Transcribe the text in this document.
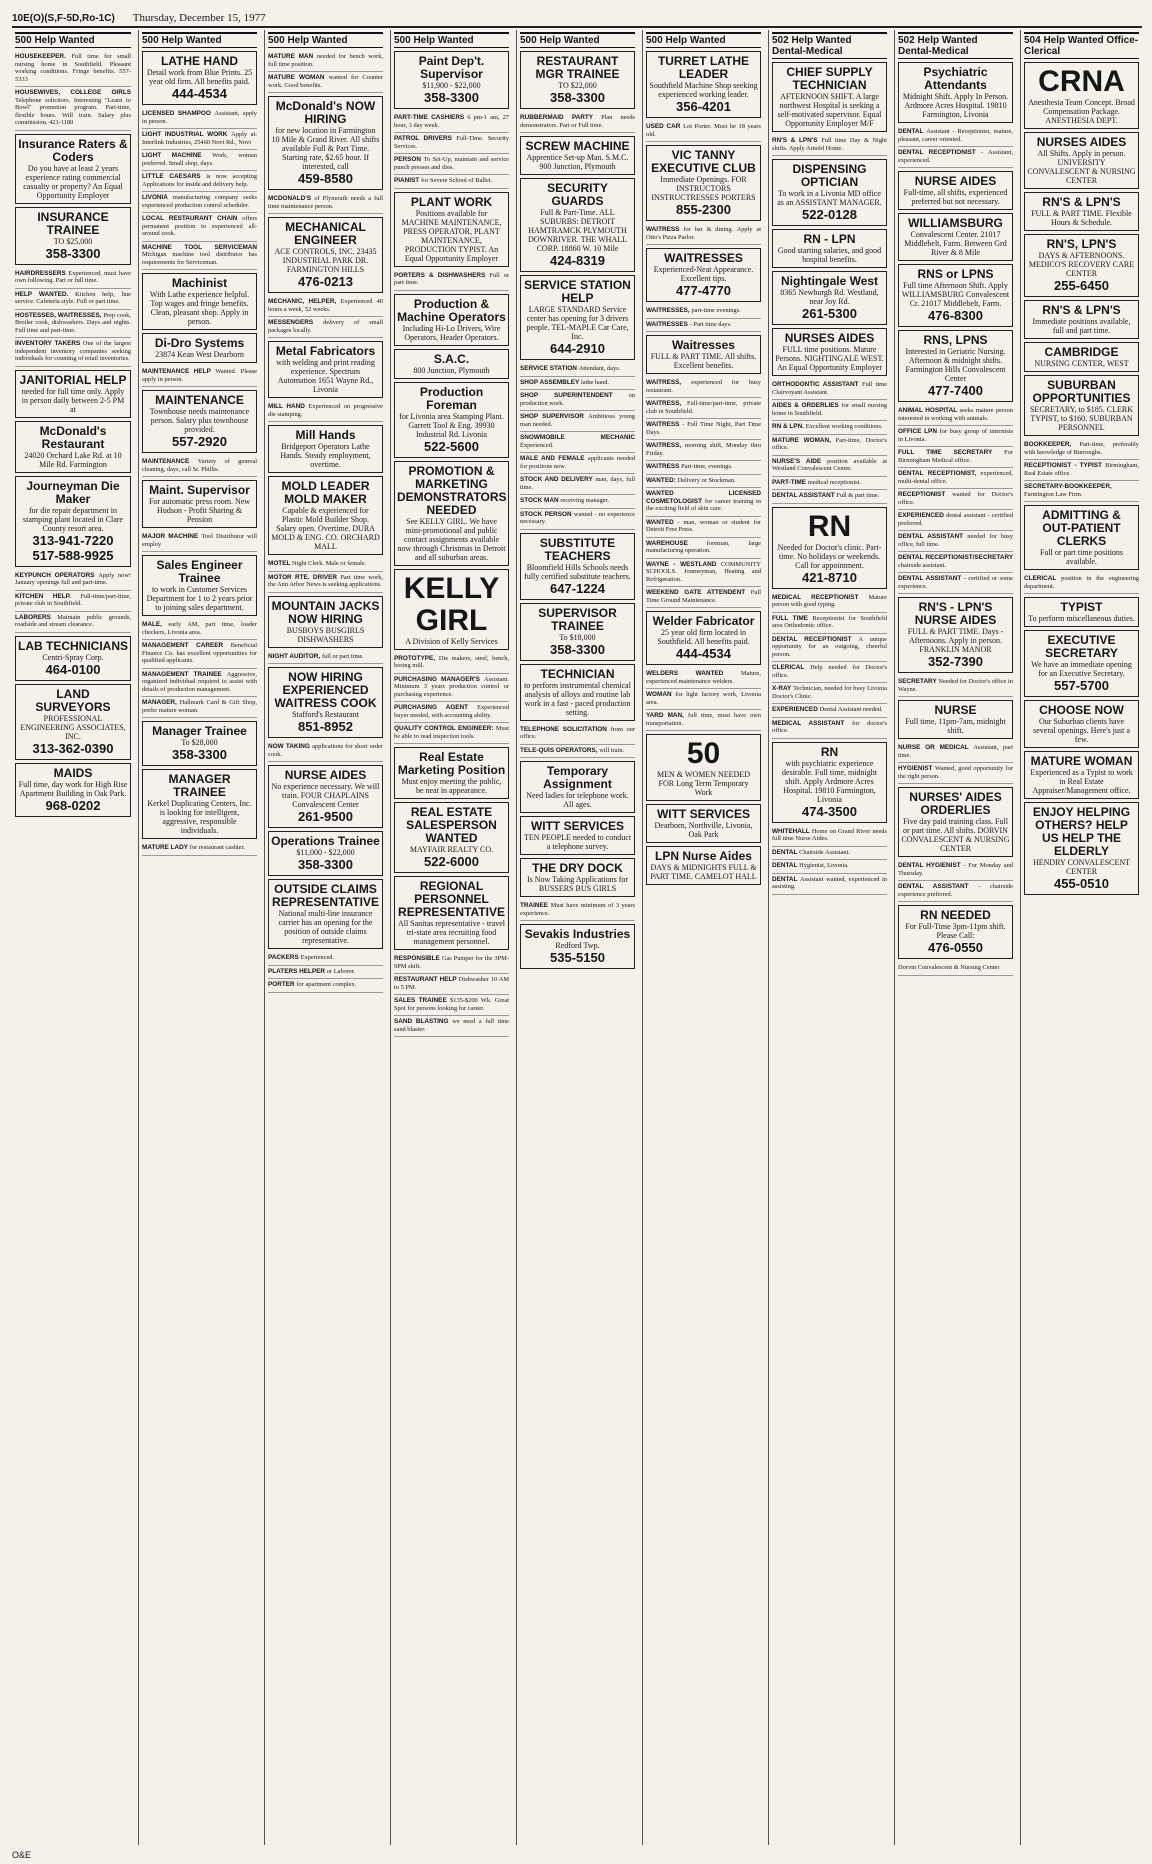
10E(O)(S,F-5D,Ro-1C) Thursday, December 15, 1977
500 Help Wanted
HOUSEKEEPER. Full time for small nursing home in Southfield. Pleasant working conditions. Fringe benefits. 557-5333
HOUSEWIVES, COLLEGE GIRLS Telephone solicitors. Interesting "Learn to Bowl" promotion program. Part-time, flexible hours. Will train. Salary plus commission. 421-1180
Insurance Raters & Coders
Do you have at least 2 years experience rating commercial casualty or property? An Equal Opportunity Employer
INSURANCE TRAINEE
TO $25,000
358-3300
HAIRDRESSERS Experienced, must have own following. Part or full time.
HELP WANTED. Kitchen help, line service. Cafeteria style. Full or part time.
HOSTESSES, WAITRESSES, Prep cook, Broiler cook, dishwashers. Days and nights. Full time and part-time.
INVENTORY TAKERS One of the largest independent inventory companies seeking individuals for counting of retail inventories.
JANITORIAL HELP
needed for full time only. Apply in person daily between 2-5 PM at
McDonald's Restaurant
24020 Orchard Lake Rd. at 10 Mile Rd. Farmington
Journeyman Die Maker
for die repair department in stamping plant located in Clare County resort area.
313-941-7220 517-588-9925
KEYPUNCH OPERATORS Apply now! January openings full and part-time.
KITCHEN HELP. Full-time/part-time, private club in Southfield.
LABORERS Maintain public grounds, roadside and stream clearance.
LAB TECHNICIANS
Centri-Spray Corp.
464-0100
LAND SURVEYORS
PROFESSIONAL ENGINEERING ASSOCIATES, INC.
313-362-0390
MAIDS
Full time, day work for High Rise Apartment Building in Oak Park.
968-0202
500 Help Wanted
LATHE HAND
Detail work from Blue Prints. 25 year old firm. All benefits paid.
444-4534
LICENSED SHAMPOO Assistant, apply in person.
LIGHT INDUSTRIAL WORK Apply at: Interlink Industries, 25460 Novi Rd., Novi
LIGHT MACHINE Work, woman preferred. Small shop, days.
LITTLE CAESARS is now accepting Applications for inside and delivery help.
LIVONIA manufacturing company seeks experienced production control scheduler.
LOCAL RESTAURANT CHAIN offers permanent position to experienced all-around cook.
MACHINE TOOL SERVICEMAN Michigan machine tool distributor has requirements for Serviceman.
Machinist
With Lathe experience helpful. Top wages and fringe benefits. Clean, pleasant shop. Apply in person.
Di-Dro Systems
23874 Kean West Dearborn
MAINTENANCE HELP Wanted. Please apply in person.
MAINTENANCE
Townhouse needs maintenance person. Salary plus townhouse provided.
557-2920
MAINTENANCE Variety of general cleaning, days, call Sr. Phillis.
Maint. Supervisor
For automatic press room. New Hudson - Profit Sharing & Pension
MAJOR MACHINE Tool Distributor will employ
Sales Engineer Trainee
to work in Customer Services Department for 1 to 2 years prior to joining sales department.
MALE, early AM, part time, loader checkers, Livonia area.
MANAGEMENT CAREER Beneficial Finance Co. has excellent opportunities for qualified applicants.
MANAGEMENT TRAINEE Aggressive, organized individual required to assist with details of production management.
MANAGER, Hallmark Card & Gift Shop, prefer mature woman.
Manager Trainee
To $28,000
358-3300
MANAGER TRAINEE
Kerkel Duplicating Centers, Inc. is looking for intelligent, aggressive, responsible individuals.
MATURE LADY for restaurant cashier.
500 Help Wanted
MATURE MAN needed for bench work, full time position.
MATURE WOMAN wanted for Counter work. Good benefits.
McDonald's NOW HIRING
for new location in Farmington 10 Mile & Grand River. All shifts available Full & Part Time. Starting rate, $2.65 hour. If interested, call
459-8580
MCDONALD'S of Plymouth needs a full time maintenance person.
MECHANICAL ENGINEER
ACE CONTROLS, INC. 23435 INDUSTRIAL PARK DR. FARMINGTON HILLS
476-0213
MECHANIC, HELPER, Experienced 40 hours a week, 52 weeks.
MESSENGERS delivery of small packages locally.
Metal Fabricators
with welding and print reading experience. Spectrum Automation 1651 Wayne Rd., Livonia
MILL HAND Experienced on progressive die stamping.
Mill Hands
Bridgeport Operators Lathe Hands. Steady employment, overtime.
MOLD LEADER MOLD MAKER
Capable & experienced for Plastic Mold Builder Shop. Salary open. Overtime. DURA MOLD & ENG. CO. ORCHARD MALL
MOTEL Night Clerk. Male or female.
MOTOR RTE. DRIVER Part time work, the Ann Arbor News is seeking applications.
MOUNTAIN JACKS NOW HIRING
BUSBOYS BUSGIRLS DISHWASHERS
NIGHT AUDITOR, full or part time.
NOW HIRING EXPERIENCED WAITRESS COOK
Stafford's Restaurant
851-8952
NOW TAKING applications for short order cook.
NURSE AIDES
No experience necessary. We will train. FOUR CHAPLAINS Convalescent Center
261-9500
Operations Trainee
$11,000 - $22,000
358-3300
OUTSIDE CLAIMS REPRESENTATIVE
National multi-line insurance carrier has an opening for the position of outside claims representative.
PACKERS Experienced.
PLATERS HELPER or Laborer.
PORTER for apartment complex.
500 Help Wanted
Paint Dep't. Supervisor
$11,900 - $22,000
358-3300
PART-TIME CASHIERS 6 pm-1 am, 27 hour, 3 day week.
PATROL DRIVERS Full-Time. Security Services.
PERSON To Set-Up, maintain and service punch presses and dies.
PIANIST for Severe School of Ballet.
PLANT WORK
Positions available for MACHINE MAINTENANCE, PRESS OPERATOR, PLANT MAINTENANCE, PRODUCTION TYPIST. An Equal Opportunity Employer
PORTERS & DISHWASHERS Full or part time.
Production & Machine Operators
Including Hi-Lo Drivers, Wire Operators, Header Operators.
S.A.C.
800 Junction, Plymouth
Production Foreman
for Livonia area Stamping Plant. Garrett Tool & Eng. 39930 Industrial Rd. Livonia
522-5600
PROMOTION & MARKETING DEMONSTRATORS NEEDED
See KELLY GIRL. We have mini-promotional and public contact assignments available now through Christmas in Detroit and all suburban areas.
KELLY GIRL
A Division of Kelly Services
PROTOTYPE, Die makers, steel, bench, boring mill.
PURCHASING MANAGER'S Assistant. Minimum 3 years production control or purchasing experience.
PURCHASING AGENT Experienced buyer needed, with accounting ability.
QUALITY CONTROL ENGINEER: Must be able to read inspection tools.
Real Estate Marketing Position
Must enjoy meeting the public, be neat in appearance.
REAL ESTATE SALESPERSON WANTED
MAYFAIR REALTY CO.
522-6000
REGIONAL PERSONNEL REPRESENTATIVE
All Sanitas representative - travel tri-state area recruiting food management personnel.
RESPONSIBLE Gas Pumper for the 3PM-9PM shift.
RESTAURANT HELP Dishwasher 10 AM to 5 PM.
SALES TRAINEE $135-$200 Wk. Great Spot for persons looking for career.
SAND BLASTING we need a full time sand blaster.
500 Help Wanted
RESTAURANT MGR TRAINEE
TO $22,000
358-3300
RUBBERMAID PARTY Plan needs demonstrators. Part or Full time.
SCREW MACHINE
Apprentice Set-up Man. S.M.C. 900 Junction, Plymouth
SECURITY GUARDS
Full & Part-Time. ALL SUBURBS: DETROIT HAMTRAMCK PLYMOUTH DOWNRIVER. THE WHALL CORP. 18860 W. 10 Mile
424-8319
SERVICE STATION HELP
LARGE STANDARD Service center has opening for 3 drivers people. TEL-MAPLE Car Care, Inc.
644-2910
SERVICE STATION Attendant, days.
SHOP ASSEMBLEY lathe hand.
SHOP SUPERINTENDENT on production work.
SHOP SUPERVISOR Ambitious young man needed.
SNOWMOBILE MECHANIC Experienced.
MALE AND FEMALE applicants needed for positions now.
STOCK AND DELIVERY man, days, full time.
STOCK MAN receiving manager.
STOCK PERSON wanted - no experience necessary.
SUBSTITUTE TEACHERS
Bloomfield Hills Schools needs fully certified substitute teachers.
647-1224
SUPERVISOR TRAINEE
To $18,000
358-3300
TECHNICIAN
to perform instrumental chemical analysis of alloys and routine lab work in a fast - paced production setting.
TELEPHONE SOLICITATION from our office.
TELE-QUIS OPERATORS, will train.
Temporary Assignment
Need ladies for telephone work. All ages.
WITT SERVICES
TEN PEOPLE needed to conduct a telephone survey.
THE DRY DOCK
Is Now Taking Applications for BUSSERS BUS GIRLS
TRAINEE Must have minimum of 3 years experience.
Sevakis Industries
Redford Twp.
535-5150
500 Help Wanted
TURRET LATHE LEADER
Southfield Machine Shop seeking experienced working leader.
356-4201
USED CAR Lot Porter. Must be 18 years old.
VIC TANNY EXECUTIVE CLUB
Immediate Openings. FOR INSTRUCTORS INSTRUCTRESSES PORTERS
855-2300
WAITRESS for bar & dining. Apply at Otto's Pizza Parlor.
WAITRESSES
Experienced-Neat Appearance. Excellent tips.
477-4770
WAITRESSES, part-time evenings.
WAITRESSES - Part time days.
Waitresses
FULL & PART TIME. All shifts. Excellent benefits.
WAITRESS, experienced for busy restaurant.
WAITRESS, Full-time/part-time, private club in Southfield.
WAITRESS - Full Time Night, Part Time Days.
WAITRESS, morning shift, Monday thru Friday.
WAITRESS Part-time, evenings.
WANTED: Delivery or Stockman.
WANTED LICENSED COSMETOLOGIST for career training in the exciting field of skin care.
WANTED - man, woman or student for Detroit Free Press.
WAREHOUSE foreman, large manufacturing operation.
WAYNE - WESTLAND COMMUNITY SCHOOLS. Journeyman, Heating and Refrigeration.
WEEKEND GATE ATTENDENT Full Time Ground Maintenance.
Welder Fabricator
25 year old firm located in Southfield. All benefits paid.
444-4534
WELDERS WANTED Mature, experienced maintenance welders.
WOMAN for light factory work, Livonia area.
YARD MAN, full time, must have own transportation.
50
MEN & WOMEN NEEDED FOR Long Term Temporary Work
WITT SERVICES
Dearborn, Northville, Livonia, Oak Park
LPN Nurse Aides
DAYS & MIDNIGHTS FULL & PART TIME. CAMELOT HALL
502 Help Wanted Dental-Medical
CHIEF SUPPLY TECHNICIAN
AFTERNOON SHIFT. A large northwest Hospital is seeking a self-motivated supervisor. Equal Opportunity Employer M/F
RN'S & LPN'S Full time Day & Night shifts. Apply Arnold Home.
DISPENSING OPTICIAN
To work in a Livonia MD office as an ASSISTANT MANAGER.
522-0128
RN - LPN
Good starting salaries, and good hospital benefits.
Nightingale West
8365 Newburgh Rd. Westland, near Joy Rd.
261-5300
NURSES AIDES
FULL time positions. Mature Persons. NIGHTINGALE WEST. An Equal Opportunity Employer
ORTHODONTIC ASSISTANT Full time Clairvoyant Assistant.
AIDES & ORDERLIES for small nursing home in Southfield.
RN & LPN. Excellent working conditions.
MATURE WOMAN, Part-time, Doctor's office.
NURSE'S AIDE position available at Westland Convalescent Center.
PART-TIME medical receptionist.
DENTAL ASSISTANT Full & part time.
RN
Needed for Doctor's clinic. Part-time. No holidays or weekends. Call for appointment.
421-8710
MEDICAL RECEPTIONIST Mature person with good typing.
FULL TIME Receptionist for Southfield area Orthodontic office.
DENTAL RECEPTIONIST A unique opportunity for an outgoing, cheerful person.
CLERICAL Help needed for Doctor's office.
X-RAY Technician, needed for busy Livonia Doctor's Clinic.
EXPERIENCED Dental Assistant needed.
MEDICAL ASSISTANT for doctor's office.
RN
with psychiatric experience desirable. Full time, midnight shift. Apply Ardmore Acres Hospital. 19810 Farmington, Livonia
474-3500
WHITEHALL Home on Grand River needs full time Nurse Aides.
DENTAL Chairside Assistant.
DENTAL Hygienist, Livonia.
DENTAL Assistant wanted, experienced in assisting.
502 Help Wanted Dental-Medical
Psychiatric Attendants
Midnight Shift. Apply In Person. Ardmore Acres Hospital. 19810 Farmington, Livonia
DENTAL Assistant - Receptionist, mature, pleasant, career oriented.
DENTAL RECEPTIONIST - Assistant, experienced.
NURSE AIDES
Full-time, all shifts, experienced preferred but not necessary.
WILLIAMSBURG
Convalescent Center. 21017 Middlebelt, Farm. Between Grd River & 8 Mile
RNS or LPNS
Full time Afternoon Shift. Apply WILLIAMSBURG Convalescent Cr. 21017 Middlebelt, Farm.
476-8300
RNS, LPNS
Interested in Geriatric Nursing. Afternoon & midnight shifts. Farmington Hills Convalescent Center
477-7400
ANIMAL HOSPITAL seeks mature person interested in working with animals.
OFFICE LPN for busy group of internists in Livonia.
FULL TIME SECRETARY For Birmingham Medical office.
DENTAL RECEPTIONIST, experienced, multi-dental office.
RECEPTIONIST wanted for Doctor's office.
EXPERIENCED dental assistant - certified preferred.
DENTAL ASSISTANT needed for busy office, full time.
DENTAL RECEPTIONIST/SECRETARY chairside assistant.
DENTAL ASSISTANT - certified or some experience.
RN'S - LPN'S NURSE AIDES
FULL & PART TIME. Days - Afternoons. Apply in person. FRANKLIN MANOR
352-7390
SECRETARY Needed for Doctor's office in Wayne.
NURSE
Full time, 11pm-7am, midnight shift.
NURSE OR MEDICAL Assistant, part time.
HYGIENIST Wanted, good opportunity for the right person.
NURSES' AIDES ORDERLIES
Five day paid training class. Full or part time. All shifts. DORVIN CONVALESCENT & NURSING CENTER
DENTAL HYGIENIST - For Monday and Thursday.
DENTAL ASSISTANT - chairside experience preferred.
RN NEEDED
For Full-Time 3pm-11pm shift. Please Call:
476-0550
Dorvin Convalescent & Nursing Center
504 Help Wanted Office-Clerical
CRNA
Anesthesia Team Concept. Broad Compensation Package. ANESTHESIA DEPT.
NURSES AIDES
All Shifts. Apply in person. UNIVERSITY CONVALESCENT & NURSING CENTER
RN'S & LPN'S
FULL & PART TIME. Flexible Hours & Schedule.
RN'S, LPN'S
DAYS & AFTERNOONS. MEDICO'S RECOVERY CARE CENTER
255-6450
RN'S & LPN'S
Immediate positions available, full and part time.
CAMBRIDGE
NURSING CENTER, WEST
SUBURBAN OPPORTUNITIES
SECRETARY, to $185. CLERK TYPIST, to $160. SUBURBAN PERSONNEL
BOOKKEEPER, Part-time, preferably with knowledge of Burroughs.
RECEPTIONIST - TYPIST Birmingham, Real Estate office.
SECRETARY-BOOKKEEPER, Farmington Law Firm.
ADMITTING & OUT-PATIENT CLERKS
Full or part time positions available.
CLERICAL position in the engineering department.
TYPIST
To perform miscellaneous duties.
EXECUTIVE SECRETARY
We have an immediate opening for an Executive Secretary.
557-5700
CHOOSE NOW
Our Suburban clients have several openings. Here's just a few.
MATURE WOMAN
Experienced as a Typist to work in Real Estate Appraiser/Management office.
ENJOY HELPING OTHERS? HELP US HELP THE ELDERLY
HENDRY CONVALESCENT CENTER
455-0510
O&E
